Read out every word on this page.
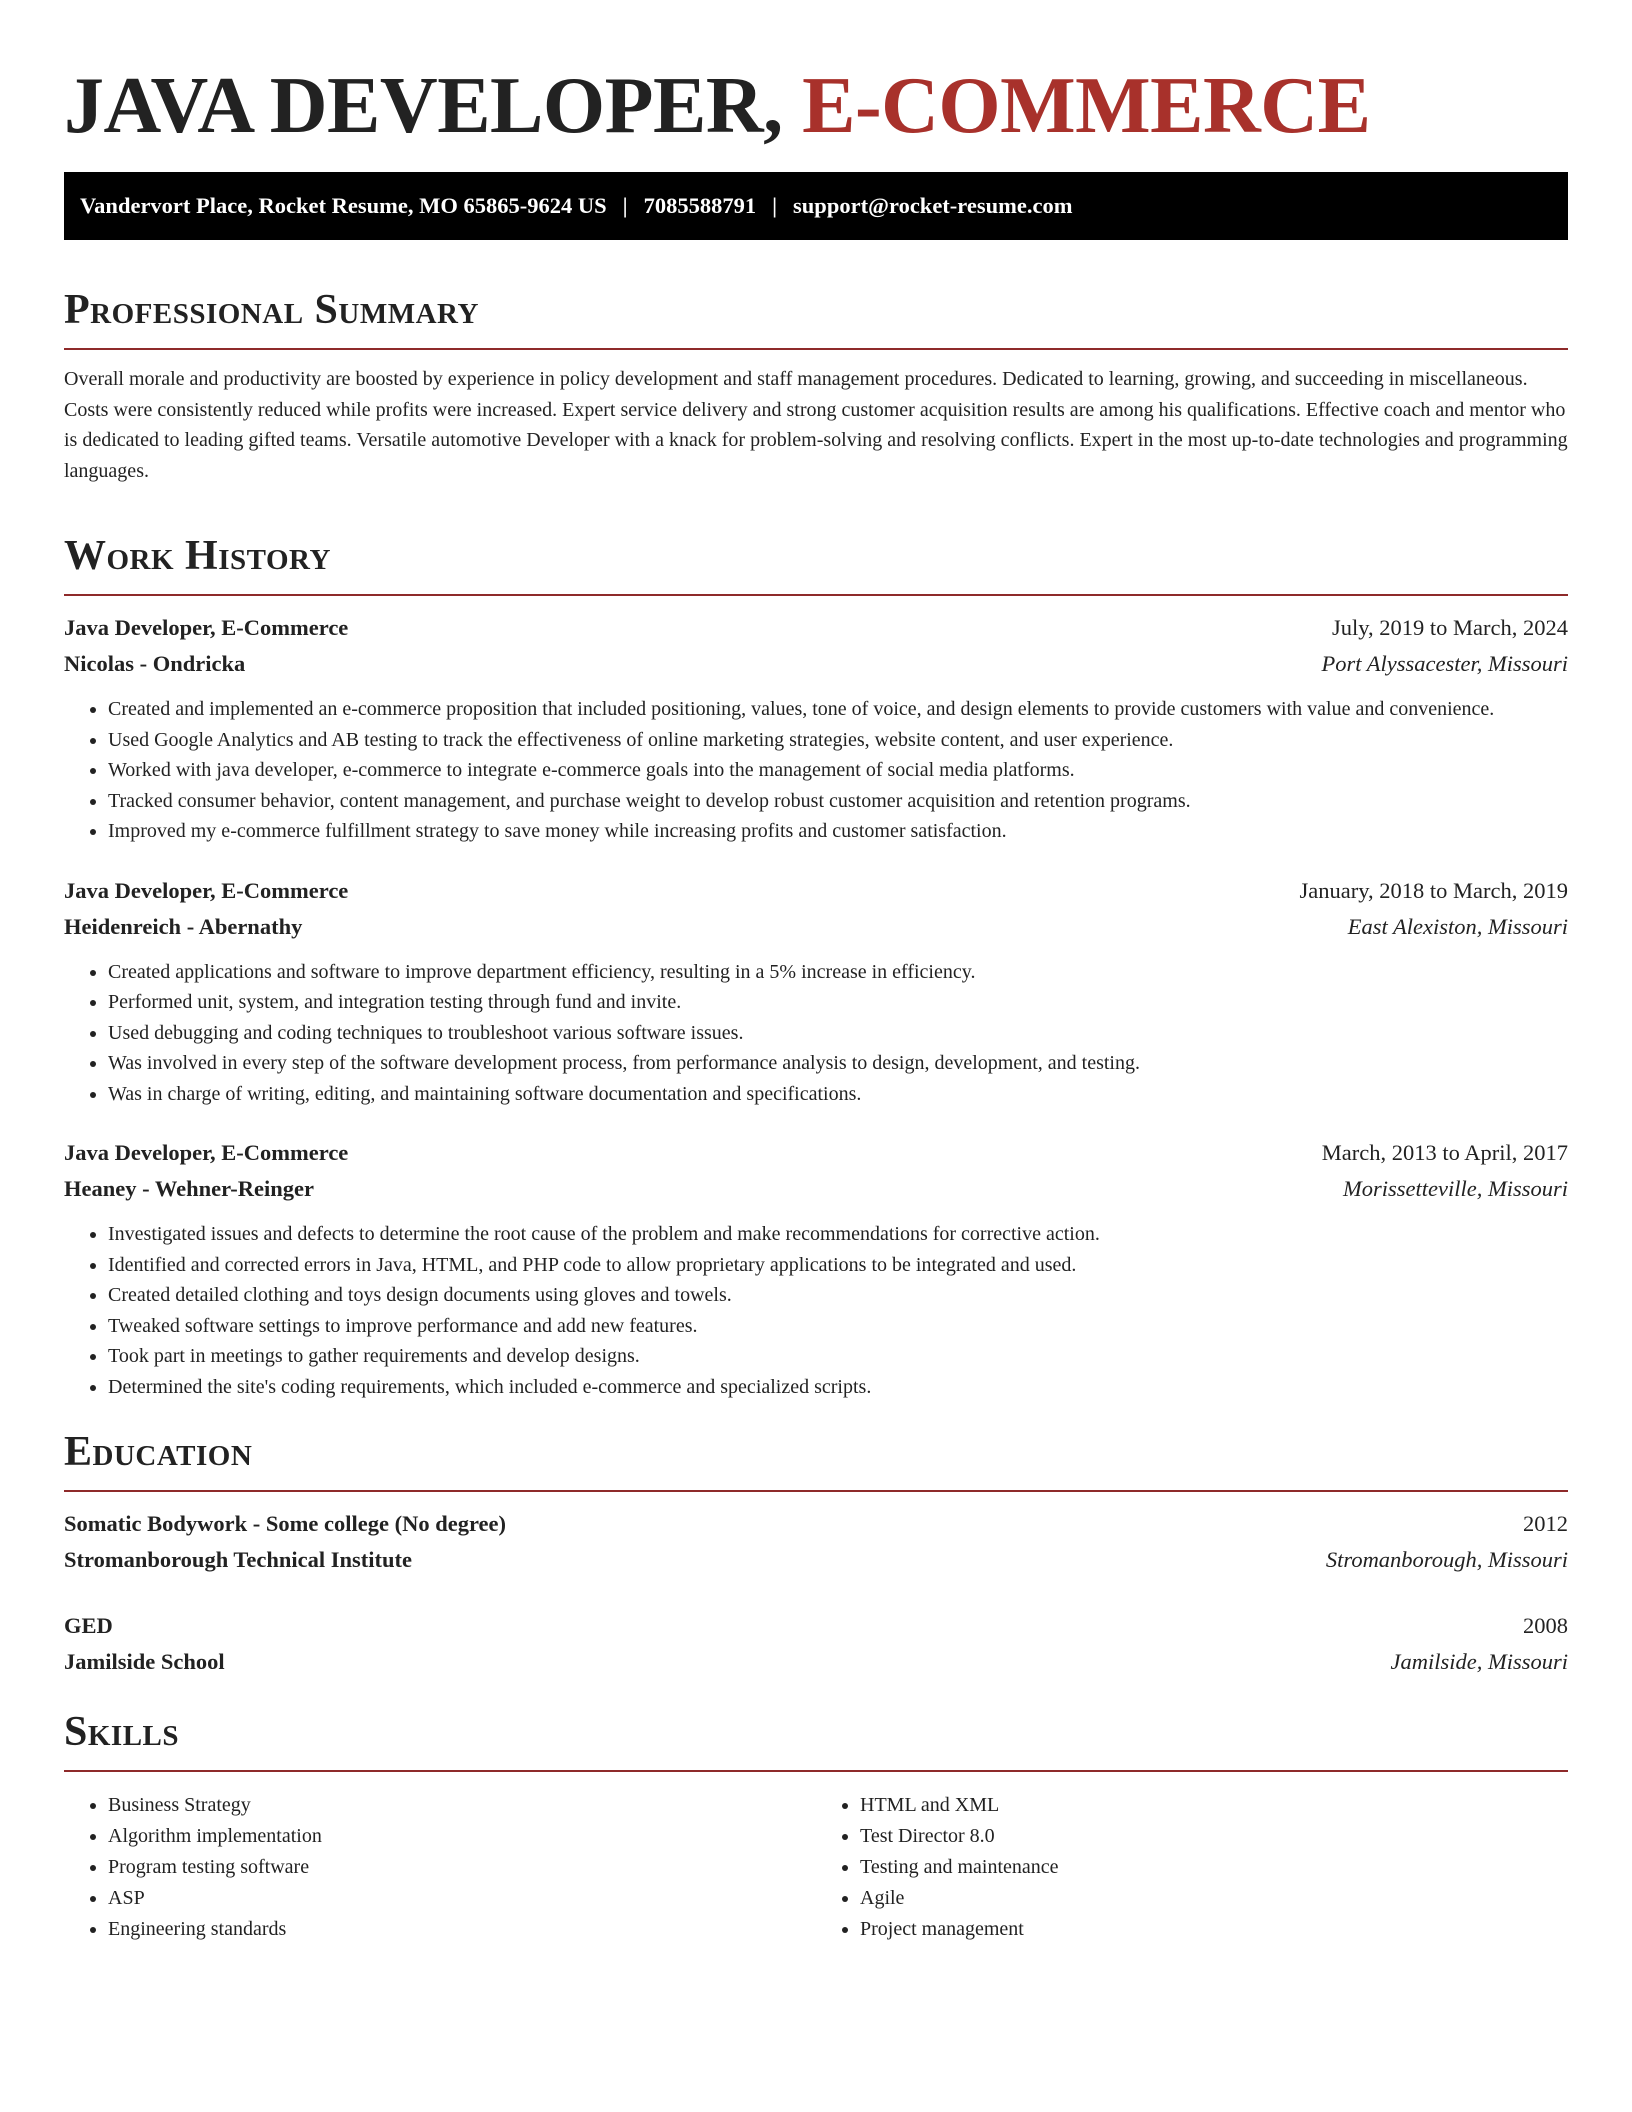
JAVA DEVELOPER, E-COMMERCE
Vandervort Place, Rocket Resume, MO 65865-9624 US | 7085588791 | support@rocket-resume.com
Professional Summary

Overall morale and productivity are boosted by experience in policy development and staff management procedures. Dedicated to learning, growing, and succeeding in miscellaneous. Costs were consistently reduced while profits were increased. Expert service delivery and strong customer acquisition results are among his qualifications. Effective coach and mentor who is dedicated to leading gifted teams. Versatile automotive Developer with a knack for problem-solving and resolving conflicts. Expert in the most up-to-date technologies and programming languages.

Work History
Java Developer, E-Commerce	July, 2019 to March, 2024
Nicolas - Ondricka	Port Alyssacester, Missouri
• Created and implemented an e-commerce proposition that included positioning, values, tone of voice, and design elements to provide customers with value and convenience.
• Used Google Analytics and AB testing to track the effectiveness of online marketing strategies, website content, and user experience.
• Worked with java developer, e-commerce to integrate e-commerce goals into the management of social media platforms.
• Tracked consumer behavior, content management, and purchase weight to develop robust customer acquisition and retention programs.
• Improved my e-commerce fulfillment strategy to save money while increasing profits and customer satisfaction.
Java Developer, E-Commerce	January, 2018 to March, 2019
Heidenreich - Abernathy	East Alexiston, Missouri
• Created applications and software to improve department efficiency, resulting in a 5% increase in efficiency.
• Performed unit, system, and integration testing through fund and invite.
• Used debugging and coding techniques to troubleshoot various software issues.
• Was involved in every step of the software development process, from performance analysis to design, development, and testing.
• Was in charge of writing, editing, and maintaining software documentation and specifications.
Java Developer, E-Commerce	March, 2013 to April, 2017
Heaney - Wehner-Reinger	Morissetteville, Missouri
• Investigated issues and defects to determine the root cause of the problem and make recommendations for corrective action.
• Identified and corrected errors in Java, HTML, and PHP code to allow proprietary applications to be integrated and used.
• Created detailed clothing and toys design documents using gloves and towels.
• Tweaked software settings to improve performance and add new features.
• Took part in meetings to gather requirements and develop designs.
• Determined the site's coding requirements, which included e-commerce and specialized scripts.
Education
Somatic Bodywork - Some college (No degree)	2012
Stromanborough Technical Institute	Stromanborough, Missouri
GED	2008
Jamilside School	Jamilside, Missouri
Skills
• Business Strategy
• Algorithm implementation
• Program testing software
• ASP
• Engineering standards
• HTML and XML
• Test Director 8.0
• Testing and maintenance
• Agile
• Project management
